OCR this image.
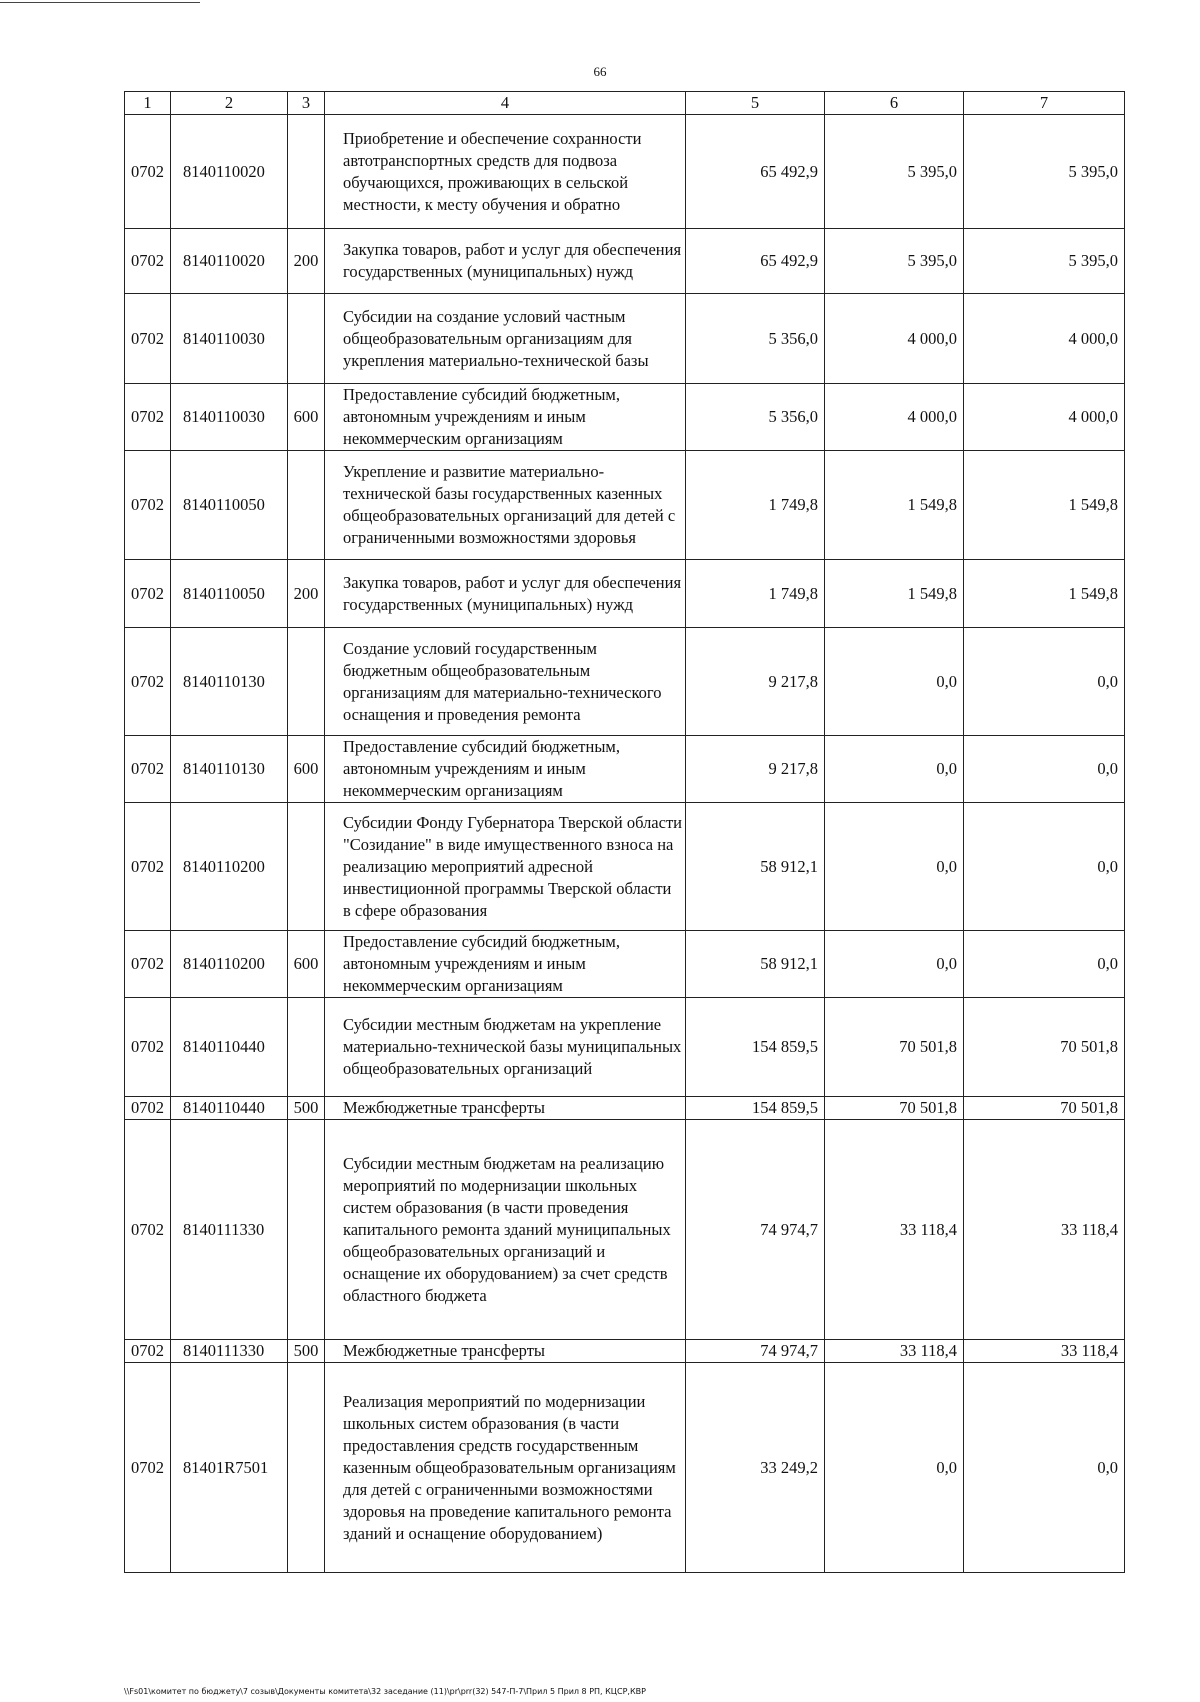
66
1	2	3	4	5	6	7
0702	8140110020		Приобретение и обеспечение сохранности автотранспортных средств для подвоза обучающихся, проживающих в сельской местности, к месту обучения и обратно	65 492,9	5 395,0	5 395,0
0702	8140110020	200	Закупка товаров, работ и услуг для обеспечения государственных (муниципальных) нужд	65 492,9	5 395,0	5 395,0
0702	8140110030		Субсидии на создание условий частным общеобразовательным организациям для укрепления материально-технической базы	5 356,0	4 000,0	4 000,0
0702	8140110030	600	Предоставление субсидий бюджетным, автономным учреждениям и иным некоммерческим организациям	5 356,0	4 000,0	4 000,0
0702	8140110050		Укрепление и развитие материально-технической базы государственных казенных общеобразовательных организаций для детей с ограниченными возможностями здоровья	1 749,8	1 549,8	1 549,8
0702	8140110050	200	Закупка товаров, работ и услуг для обеспечения государственных (муниципальных) нужд	1 749,8	1 549,8	1 549,8
0702	8140110130		Создание условий государственным бюджетным общеобразовательным организациям для материально-технического оснащения и проведения ремонта	9 217,8	0,0	0,0
0702	8140110130	600	Предоставление субсидий бюджетным, автономным учреждениям и иным некоммерческим организациям	9 217,8	0,0	0,0
0702	8140110200		Субсидии Фонду Губернатора Тверской области "Созидание" в виде имущественного взноса на реализацию мероприятий адресной инвестиционной программы Тверской области в сфере образования	58 912,1	0,0	0,0
0702	8140110200	600	Предоставление субсидий бюджетным, автономным учреждениям и иным некоммерческим организациям	58 912,1	0,0	0,0
0702	8140110440		Субсидии местным бюджетам на укрепление материально-технической базы муниципальных общеобразовательных организаций	154 859,5	70 501,8	70 501,8
0702	8140110440	500	Межбюджетные трансферты	154 859,5	70 501,8	70 501,8
0702	8140111330		Субсидии местным бюджетам на реализацию мероприятий по модернизации школьных систем образования (в части проведения капитального ремонта зданий муниципальных общеобразовательных организаций и оснащение их оборудованием) за счет средств областного бюджета	74 974,7	33 118,4	33 118,4
0702	8140111330	500	Межбюджетные трансферты	74 974,7	33 118,4	33 118,4
0702	81401R7501		Реализация мероприятий по модернизации школьных систем образования (в части предоставления средств государственным казенным общеобразовательным организациям для детей с ограниченными возможностями здоровья на проведение капитального ремонта зданий и оснащение оборудованием)	33 249,2	0,0	0,0
\\Fs01\комитет по бюджету\7 созыв\Документы комитета\32 заседание (11)\pr\prr(32) 547-П-7\Прил 5 Прил 8 РП, КЦСР,КВР
